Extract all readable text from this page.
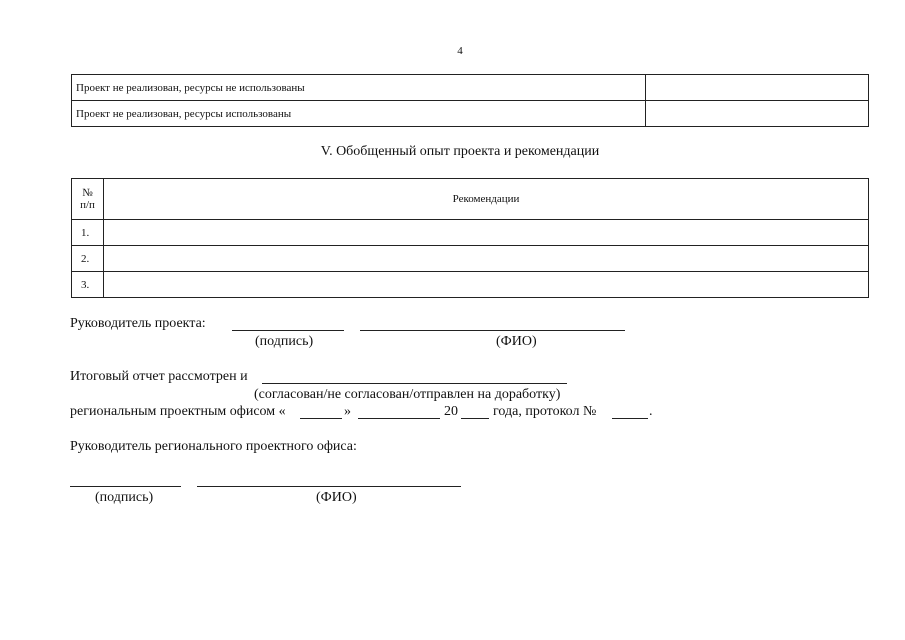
4
Проект не реализован, ресурсы не использованы	
Проект не реализован, ресурсы использованы	
V. Обобщенный опыт проекта и рекомендации
№
п/п	Рекомендации
1.	
2.	
3.	
Руководитель проекта:
(подпись)	(ФИО)
Итоговый отчет рассмотрен и
(согласован/не согласован/отправлен на доработку)
региональным проектным офисом «	»	20	года, протокол №	.
Руководитель регионального проектного офиса:
(подпись)	(ФИО)
